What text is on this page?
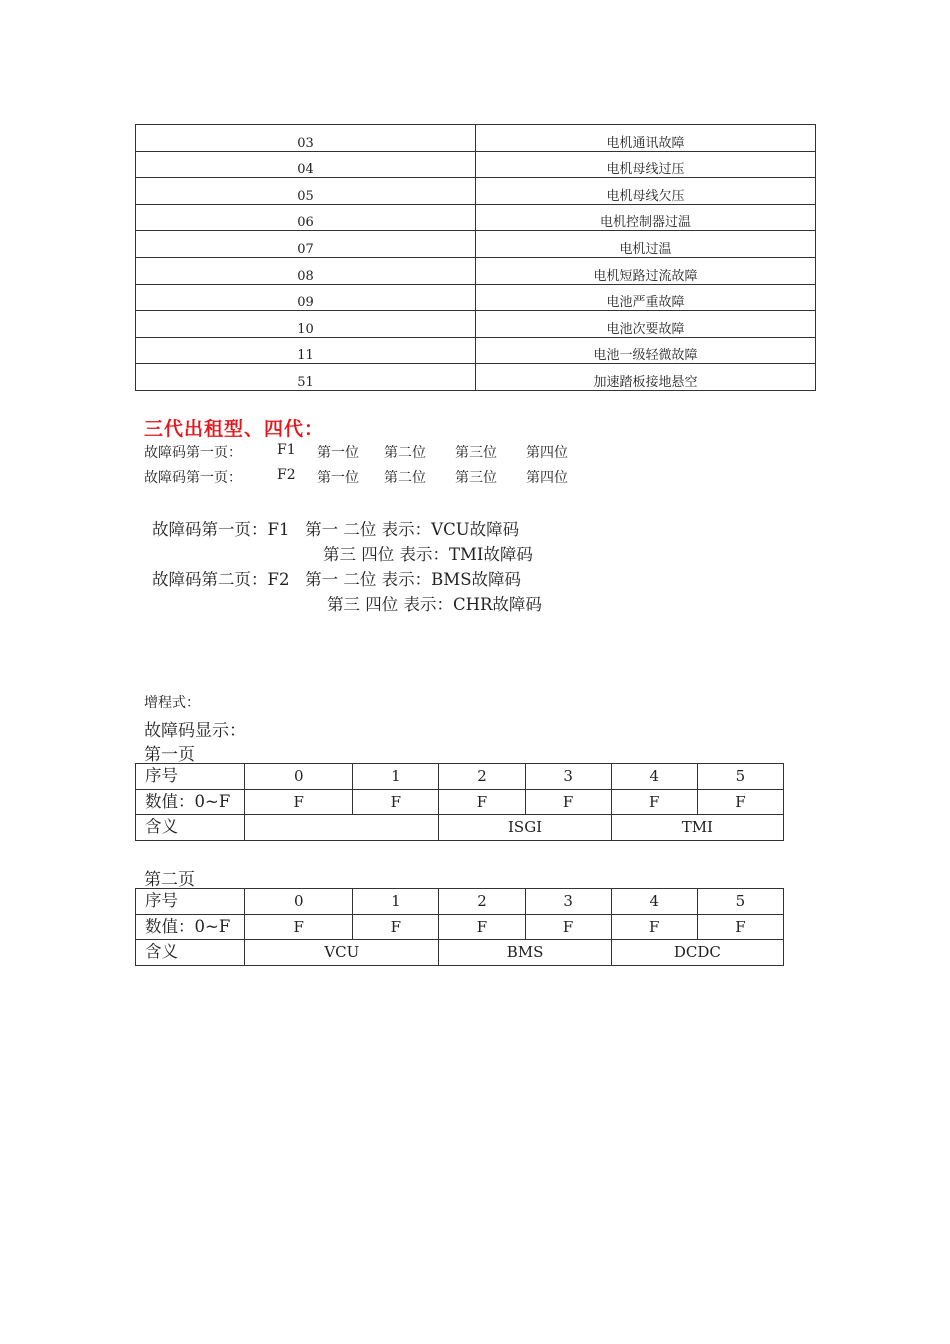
03	电机通讯故障
04	电机母线过压
05	电机母线欠压
06	电机控制器过温
07	电机过温
08	电机短路过流故障
09	电池严重故障
10	电池次要故障
11	电池一级轻微故障
51	加速踏板接地悬空
三代出租型、四代：
故障码第一页：	F1 第一位 第二位 第三位 第四位
故障码第一页：	F2 第一位 第二位 第三位 第四位
故障码第一页：F1   第一 二位 表示：VCU故障码
第三 四位 表示：TMI故障码
故障码第二页：F2   第一 二位 表示：BMS故障码
第三 四位 表示：CHR故障码
增程式：
故障码显示：
第一页
序号	0	1	2	3	4	5
数值：0~F	F	F	F	F	F	F
含义			ISGI		TMI	
第二页
序号	0	1	2	3	4	5
数值：0~F	F	F	F	F	F	F
含义	VCU		BMS		DCDC	
